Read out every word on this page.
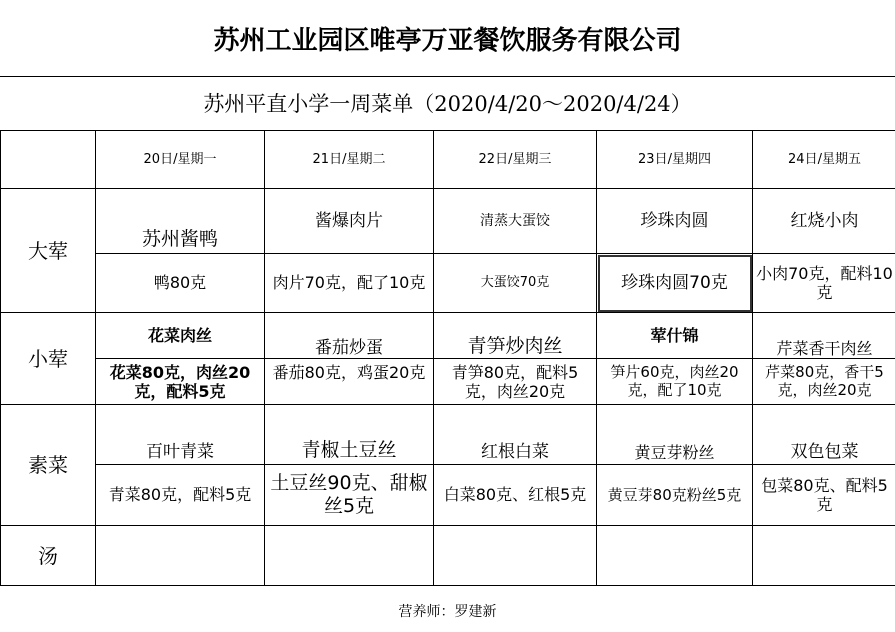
苏州工业园区唯亭万亚餐饮服务有限公司
苏州平直小学一周菜单（2020/4/20～2020/4/24）
	20日/星期一	21日/星期二	22日/星期三	23日/星期四	24日/星期五
大荤	苏州酱鸭	酱爆肉片	清蒸大蛋饺	珍珠肉圆	红烧小肉
	鸭80克	肉片70克，配了10克	大蛋饺70克	珍珠肉圆70克	小肉70克，配料10克
小荤	花菜肉丝	番茄炒蛋	青笋炒肉丝	荤什锦	芹菜香干肉丝

	花菜80克，肉丝20克，配料5克	番茄80克，鸡蛋20克	青笋80克，配料5克，肉丝20克	笋片60克，肉丝20克，配了10克	芹菜80克，香干5克，肉丝20克

素菜	百叶青菜	青椒土豆丝	红根白菜	黄豆芽粉丝	双色包菜
	青菜80克，配料5克	土豆丝90克、甜椒丝5克	白菜80克、红根5克	黄豆芽80克粉丝5克	包菜80克、配料5克
汤					
营养师：罗建新
